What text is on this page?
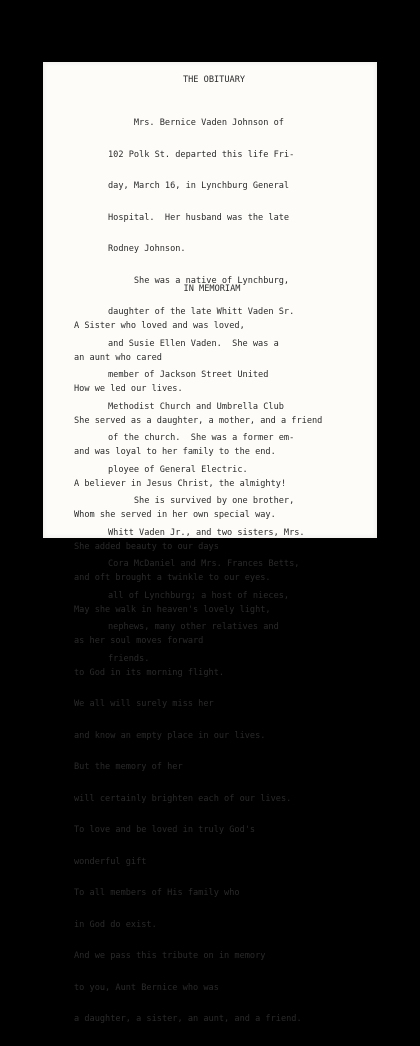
THE OBITUARY

Mrs. Bernice Vaden Johnson of

102 Polk St. departed this life Fri-

day, March 16, in Lynchburg General

Hospital.  Her husband was the late

Rodney Johnson.

She was a native of Lynchburg,

daughter of the late Whitt Vaden Sr.

and Susie Ellen Vaden.  She was a

member of Jackson Street United

Methodist Church and Umbrella Club

of the church.  She was a former em-

ployee of General Electric.

She is survived by one brother,

Whitt Vaden Jr., and two sisters, Mrs.

Cora McDaniel and Mrs. Frances Betts,

all of Lynchburg; a host of nieces,

nephews, many other relatives and

friends.

IN MEMORIAM

A Sister who loved and was loved,

an aunt who cared

How we led our lives.

She served as a daughter, a mother, and a friend

and was loyal to her family to the end.

A believer in Jesus Christ, the almighty!

Whom she served in her own special way.

She added beauty to our days

and oft brought a twinkle to our eyes.

May she walk in heaven's lovely light,

as her soul moves forward

to God in its morning flight.

We all will surely miss her

and know an empty place in our lives.

But the memory of her

will certainly brighten each of our lives.

To love and be loved in truly God's

wonderful gift

To all members of His family who

in God do exist.

And we pass this tribute on in memory

to you, Aunt Bernice who was

a daughter, a sister, an aunt, and a friend.
